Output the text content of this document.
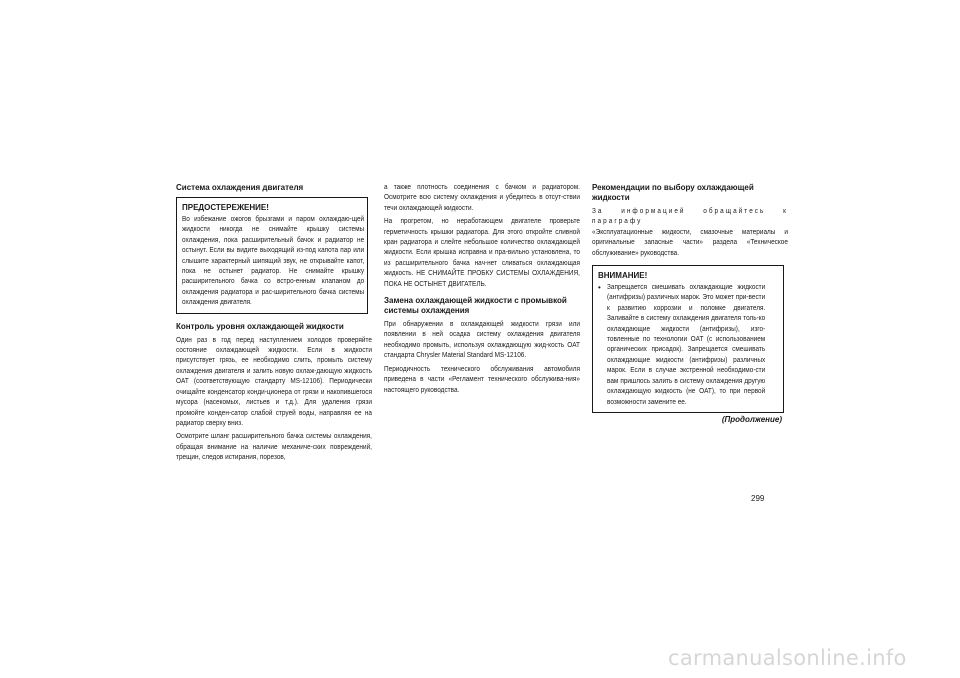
Система охлаждения двигателя
ПРЕДОСТЕРЕЖЕНИЕ!
Во избежание ожогов брызгами и паром охлаждаю-щей жидкости никогда не снимайте крышку системы охлаждения, пока расширительный бачок и радиатор не остынут. Если вы видите выходящий из-под капота пар или слышите характерный шипящий звук, не открывайте капот, пока не остынет радиатор. Не снимайте крышку расширительного бачка со встро-енным клапаном до охлаждения радиатора и рас-ширительного бачка системы охлаждения двигателя.
Контроль уровня охлаждающей жидкости
Один раз в год перед наступлением холодов проверяйте состояние охлаждающей жидкости. Если в жидкости присутствует грязь, ее необходимо слить, промыть систему охлаждения двигателя и залить новую охлаж-дающую жидкость OAT (соответствующую стандарту MS-12106). Периодически очищайте конденсатор конди-ционера от грязи и накопившегося мусора (насекомых, листьев и т.д.). Для удаления грязи промойте конден-сатор слабой струей воды, направляя ее на радиатор сверху вниз.
Осмотрите шланг расширительного бачка системы охлаждения, обращая внимание на наличие механиче-ских повреждений, трещин, следов истирания, порезов,
а также плотность соединения с бачком и радиатором. Осмотрите всю систему охлаждения и убедитесь в отсут-ствии течи охлаждающей жидкости.
На прогретом, но неработающем двигателе проверьте герметичность крышки радиатора. Для этого откройте сливной кран радиатора и слейте небольшое количество охлаждающей жидкости. Если крышка исправна и пра-вильно установлена, то из расширительного бачка нач-нет сливаться охлаждающая жидкость. НЕ СНИМАЙТЕ ПРОБКУ СИСТЕМЫ ОХЛАЖДЕНИЯ, ПОКА НЕ ОСТЫНЕТ ДВИГАТЕЛЬ.
Замена охлаждающей жидкости с промывкой системы охлаждения
При обнаружении в охлаждающей жидкости грязи или появлении в ней осадка систему охлаждения двигателя необходимо промыть, используя охлаждающую жид-кость OAT стандарта Chrysler Material Standard MS-12106.
Периодичность технического обслуживания автомобиля приведена в части «Регламент технического обслужива-ния» настоящего руководства.
Рекомендации по выбору охлаждающей жидкости
За информацией обращайтесь к параграфу
«Эксплуатационные жидкости, смазочные материалы и оригинальные запасные части» раздела «Техническое обслуживание» руководства.
ВНИМАНИЕ!
• Запрещается смешивать охлаждающие жидкости (антифризы) различных марок. Это может при-вести к развитию коррозии и поломке двигателя. Заливайте в систему охлаждения двигателя толь-ко охлаждающие жидкости (антифризы), изго-товленные по технологии OAT (с использованием органических присадок). Запрещается смешивать охлаждающие жидкости (антифризы) различных марок. Если в случае экстренной необходимо-сти вам пришлось залить в систему охлаждения другую охлаждающую жидкость (не OAT), то при первой возможности замените ее.
(Продолжение)
299
carmanualsonline.info
